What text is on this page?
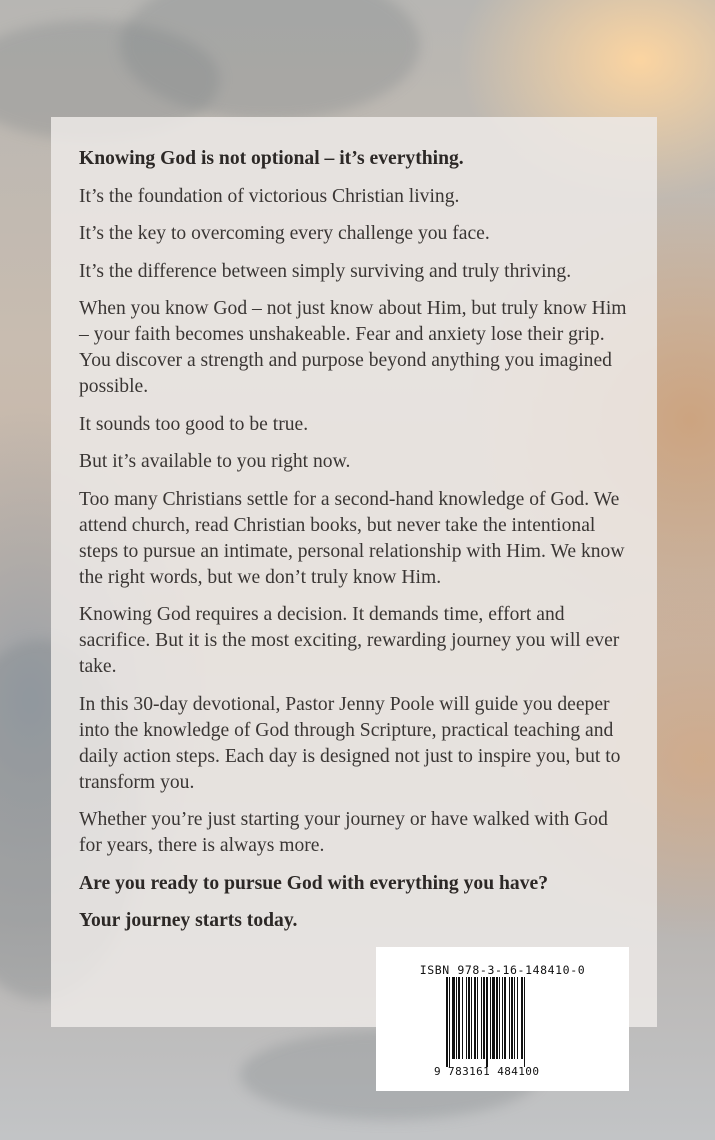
Knowing God is not optional – it’s everything.

It’s the foundation of victorious Christian living.

It’s the key to overcoming every challenge you face.

It’s the difference between simply surviving and truly thriving.

When you know God – not just know about Him, but truly know Him – your faith becomes unshakeable. Fear and anxiety lose their grip. You discover a strength and purpose beyond anything you imagined possible.

It sounds too good to be true.

But it’s available to you right now.

Too many Christians settle for a second-hand knowledge of God. We attend church, read Christian books, but never take the intentional steps to pursue an intimate, personal relationship with Him. We know the right words, but we don’t truly know Him.

Knowing God requires a decision. It demands time, effort and sacrifice. But it is the most exciting, rewarding journey you will ever take.

In this 30-day devotional, Pastor Jenny Poole will guide you deeper into the knowledge of God through Scripture, practical teaching and daily action steps. Each day is designed not just to inspire you, but to transform you.

Whether you’re just starting your journey or have walked with God for years, there is always more.

Are you ready to pursue God with everything you have?

Your journey starts today.

ISBN 978-3-16-148410-0
9 783161 484100
